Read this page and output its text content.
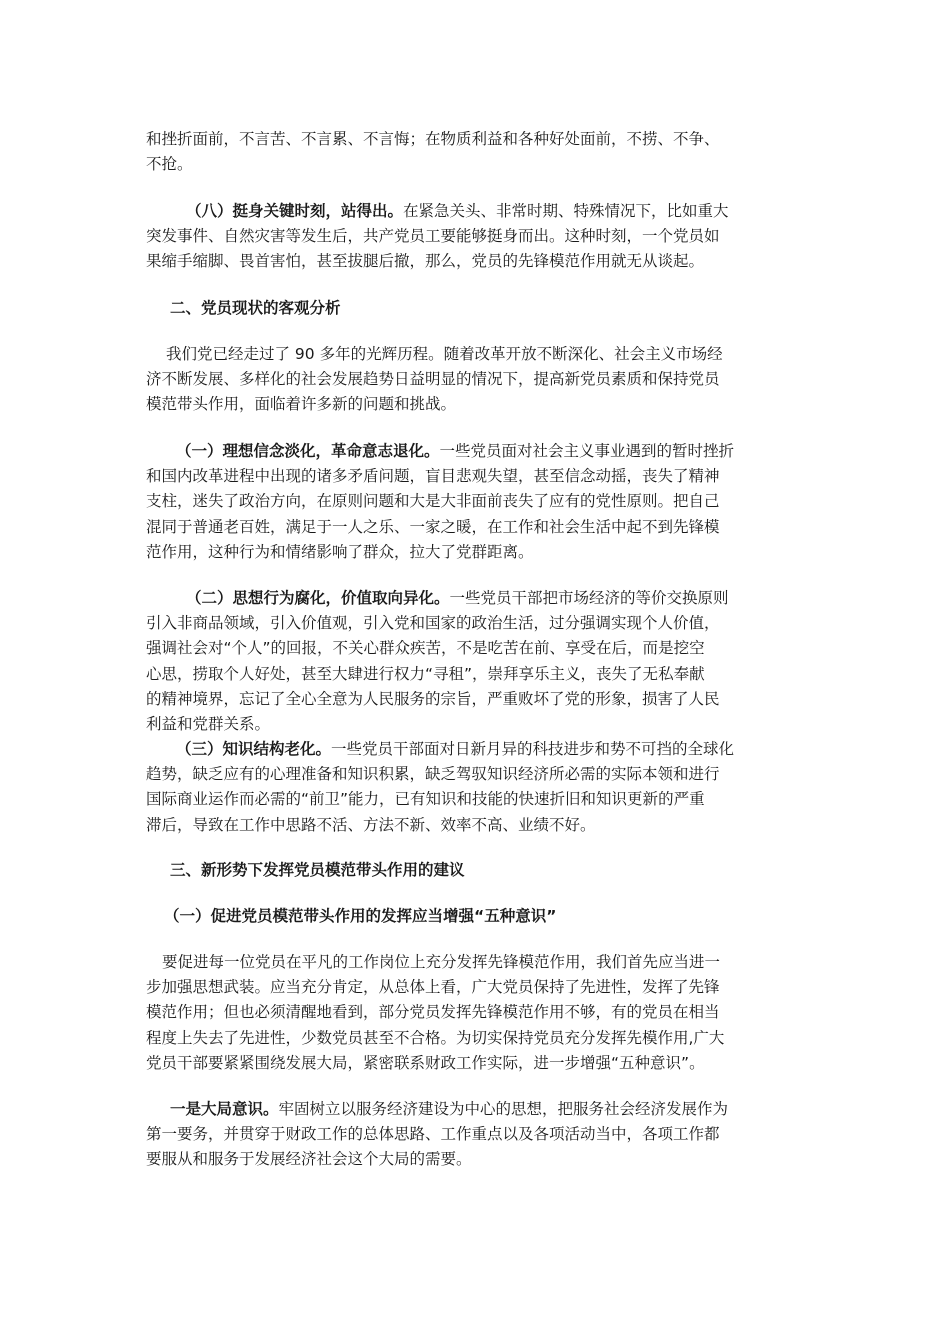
和挫折面前，不言苦、不言累、不言悔；在物质利益和各种好处面前，不捞、不争、
不抢。
（八）挺身关键时刻，站得出。在紧急关头、非常时期、特殊情况下，比如重大
突发事件、自然灾害等发生后，共产党员工要能够挺身而出。这种时刻，一个党员如
果缩手缩脚、畏首害怕，甚至拔腿后撤，那么，党员的先锋模范作用就无从谈起。
二、党员现状的客观分析
我们党已经走过了 90 多年的光辉历程。随着改革开放不断深化、社会主义市场经
济不断发展、多样化的社会发展趋势日益明显的情况下，提高新党员素质和保持党员
模范带头作用，面临着许多新的问题和挑战。
（一）理想信念淡化，革命意志退化。一些党员面对社会主义事业遇到的暂时挫折
和国内改革进程中出现的诸多矛盾问题，盲目悲观失望，甚至信念动摇，丧失了精神
支柱，迷失了政治方向，在原则问题和大是大非面前丧失了应有的党性原则。把自己
混同于普通老百姓，满足于一人之乐、一家之暖，在工作和社会生活中起不到先锋模
范作用，这种行为和情绪影响了群众，拉大了党群距离。
（二）思想行为腐化，价值取向异化。一些党员干部把市场经济的等价交换原则
引入非商品领域，引入价值观，引入党和国家的政治生活，过分强调实现个人价值，
强调社会对“个人”的回报，不关心群众疾苦，不是吃苦在前、享受在后，而是挖空
心思，捞取个人好处，甚至大肆进行权力“寻租”，崇拜享乐主义，丧失了无私奉献
的精神境界，忘记了全心全意为人民服务的宗旨，严重败坏了党的形象，损害了人民
利益和党群关系。
（三）知识结构老化。一些党员干部面对日新月异的科技进步和势不可挡的全球化
趋势，缺乏应有的心理准备和知识积累，缺乏驾驭知识经济所必需的实际本领和进行
国际商业运作而必需的“前卫”能力，已有知识和技能的快速折旧和知识更新的严重
滞后，导致在工作中思路不活、方法不新、效率不高、业绩不好。
三、新形势下发挥党员模范带头作用的建议
（一）促进党员模范带头作用的发挥应当增强“五种意识”
要促进每一位党员在平凡的工作岗位上充分发挥先锋模范作用，我们首先应当进一
步加强思想武装。应当充分肯定，从总体上看，广大党员保持了先进性，发挥了先锋
模范作用；但也必须清醒地看到，部分党员发挥先锋模范作用不够，有的党员在相当
程度上失去了先进性，少数党员甚至不合格。为切实保持党员充分发挥先模作用,广大
党员干部要紧紧围绕发展大局，紧密联系财政工作实际，进一步增强“五种意识”。
一是大局意识。牢固树立以服务经济建设为中心的思想，把服务社会经济发展作为
第一要务，并贯穿于财政工作的总体思路、工作重点以及各项活动当中，各项工作都
要服从和服务于发展经济社会这个大局的需要。
